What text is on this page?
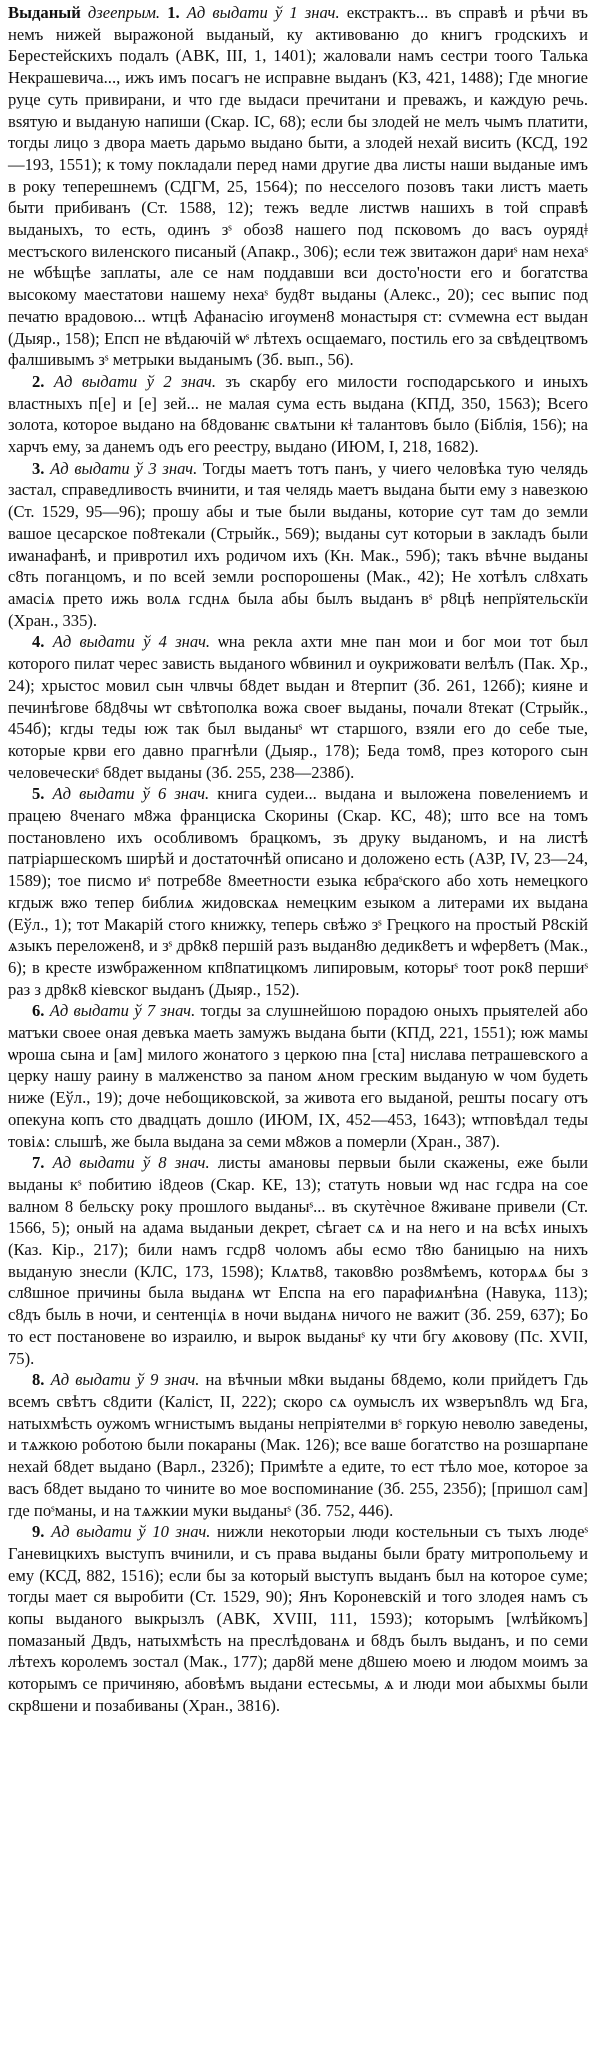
Выданый дзеeпрым. 1. Ад выдати ў 1 знач. екстрактъ... въ справѣ и рѣчи въ немъ нижей выражоной выданый, ку активованю до книгъ гродскихъ и Берестейскихъ подалъ (АВК, III, 1, 1401); жаловали намъ сестри тоого Талька Некрашевича..., ижъ имъ посагъ не исправне выданъ (КЗ, 421, 1488); Где многие руце суть привирани, и что где выдаси пречитани и преважъ, и каждую речь. вѕятую и выданую напиши (Скар. ІС, 68); если бы злодей не мелъ чымъ платити, тогды лицо з двора маеть дарьмо выдано быти, а злодей нехай висить (КСД, 192—193, 1551); к тому покладали перед нами другие два листы наши выданые имъ в року теперешнемъ (СДГМ, 25, 1564); по несселого позовъ таки листъ маеть быти прибиванъ (Ст. 1588, 12); тежъ ведле листѡв нашихъ в той справѣ выданыхъ, то есть, одинъ зˢ обоз8 нашего под псковомъ до васъ оурядǂ местъского виленского писаный (Апакр., 306); если теж звитажон дариˢ нам нехаˢ не ѡбѣщѣе заплаты, але се нам поддавши вси досто'ности его и богатства высокому маестатови нашему нехаˢ буд8т выданы (Алекс., 20); сес выпис под печатю врадовою... ѡтцѣ Афанасію игѹмен8 монастыря ст: сѵмеѡна ест выдан (Дыяр., 158); Епсп не вѣдаючій ѡˢ лѣтехъ осщаемаго, постиль его за свѣдецтвомъ фалшивымъ зˢ метрыки выданымъ (Зб. вып., 56).

2. Ад выдати ў 2 знач. зъ скарбу его милости господарського и иныхъ властныхъ п[е] и [е] зей... не малая сума есть выдана (КПД, 350, 1563); Всего золота, которое выдано на б8дованѥ свѧтыни кǂ талантовъ было (Біблія, 156); на харчъ ему, за данемъ одъ его реестру, выдано (ИЮМ, І, 218, 1682).

3. Ад выдати ў 3 знач. Тогды маетъ тотъ панъ, у чиего человѣка тую челядь застал, справедливость вчинити, и тая челядь маетъ выдана быти ему з навезкою (Ст. 1529, 95—96); прошу абы и тые были выданы, которие сут там до земли вашое цесарское по8текали (Стрыйк., 569); выданы сут которыи в закладъ были иѡанафанѣ, и привротил ихъ родичом ихъ (Кн. Мак., 59б); такъ вѣчне выданы с8ть поганцомъ, и по всей земли роспорошены (Мак., 42); Не хотѣлъ сл8хать амасіѧ прето ижь волѧ гсднѧ была абы былъ выданъ вˢ р8цѣ непрїятельскїи (Хран., 335).

4. Ад выдати ў 4 знач. ѡна рекла ахти мне пан мои и бог мои тот был которого пилат черес зависть выданого ѡбвинил и оукрижовати велѣлъ (Пак. Хр., 24); хрыстос мовил сын члвчы б8дет выдан и 8терпит (Зб. 261, 126б); кияне и печинѣгове б8д8чы ѡт свѣтополка вожа своеғ выданы, почали 8текат (Стрыйк., 454б); кгды теды юж так был выданыˢ ѡт старшого, взяли его до себе тые, которые крви его давно прагнѣли (Дыяр., 178); Беда том8, през которого сын человеческиˢ б8дет выданы (Зб. 255, 238—238б).

5. Ад выдати ў 6 знач. книга судеи... выдана и выложена повелениемъ и працею 8ченаго м8жа франциска Скорины (Скар. КС, 48); што все на томъ постановлено ихъ особливомъ брацкомъ, зъ друку выданомъ, и на листѣ патріаршескомъ ширѣй и достаточнѣй описано и доложено есть (АЗР, IV, 23—24, 1589); тое писмо иˢ потреб8е 8меетности езыка ѥбраˢского або хоть немецкого кгдыж вжо тепер библиѧ жидовскаѧ немецким езыком а литерами их выдана (Еўл., 1); тот Макарій стого книжку, теперь свѣжо зˢ Грецкого на простый Р8скій ѧзыкъ переложен8, и зˢ др8к8 першій разъ выдан8ю дедик8етъ и ѡфер8етъ (Мак., 6); в кресте изѡбраженном кп8патицкомъ липировым, которыˢ тоот рок8 першиˢ раз з др8к8 кіевског выданъ (Дыяр., 152).

6. Ад выдати ў 7 знач. тогды за слушнейшою порадою оныхъ прыятелей або матъки своее оная девъка маеть замужъ выдана быти (КПД, 221, 1551); юж мамы ѡроша сына и [ам] милого жонатого з церкою пна [ста] нислава петрашевского а церку нашу раину в малженство за паном ѧном греским выданую ѡ чом будеть ниже (Еўл., 19); доче небощиковской, за живота его выданой, решты посагу отъ опекуна копъ сто двадцать дошло (ИЮМ, ІХ, 452—453, 1643); ѡтповѣдал теды товіѧ: слышѣ, же была выдана за семи м8жов а померли (Хран., 387).

7. Ад выдати ў 8 знач. листы амановы первыи были скажены, еже были выданы кˢ побитию і8деов (Скар. КЕ, 13); статуть новыи ѡд нас гсдра на сое валном 8 бельску року прошлого выданыˢ... въ скутѐчное 8живане привели (Ст. 1566, 5); оный на адама выданыи декрет, сѣгает сѧ и на него и на всѣх иныхъ (Каз. Кір., 217); били намъ гсдр8 чоломъ абы есмо т8ю баницыю на нихъ выданую знесли (КЛС, 173, 1598); Клѧтв8, таков8ю роз8мѣемъ, которѧѧ бы з сл8шное причины была выданѧ ѡт Епспа на его парафиѧнѣна (Навука, 113); с8дъ быль в ночи, и сентенціѧ в ночи выданѧ ничого не важит (Зб. 259, 637); Бо то ест постановене во израилю, и вырок выданыˢ ку чти бгу ѧковову (Пс. XVII, 75).

8. Ад выдати ў 9 знач. на вѣчныи м8ки выданы б8демо, коли прийдетъ Гдь всемъ свѣтъ с8дити (Каліст, ІІ, 222); скоро сѧ оумыслъ их ѡзверъn8лъ ѡд Бга, натыхмѣсть оужомъ ѡгнистымъ выданы непріятелми вˢ горкую неволю заведены, и тѧжкою роботою были покараны (Мак. 126); все ваше богатство на розшарпане нехай б8дет выдано (Варл., 232б); Примѣте а едите, то ест тѣло мое, которое за васъ б8дет выдано то чините во мое воспоминание (Зб. 255, 235б); [пришол сам] где поˢманы, и на тѧжкии муки выданыˢ (Зб. 752, 446).

9. Ад выдати ў 10 знач. нижли некоторыи люди костельныи съ тыхъ людеˢ Ганевицкихъ выступъ вчинили, и съ права выданы были брату митропольему и ему (КСД, 882, 1516); если бы за который выступъ выданъ был на которое суме; тогды мает ся выробити (Ст. 1529, 90); Янъ Короневскій и того злодея намъ съ копы выданого выкрызлъ (АВК, ХVIII, 111, 1593); которымъ [ѡлѣйкомъ] помазаный Двдъ, натыхмѣсть на преслѣдованѧ и б8дъ былъ выданъ, и по семи лѣтехъ королемъ зостал (Мак., 177); дар8й мене д8шею моею и людом моимъ за которымъ се причиняю, абовѣмъ выдани естесьмы, ѧ и люди мои абыхмы были скр8шени и позабиваны (Хран., 3816).
